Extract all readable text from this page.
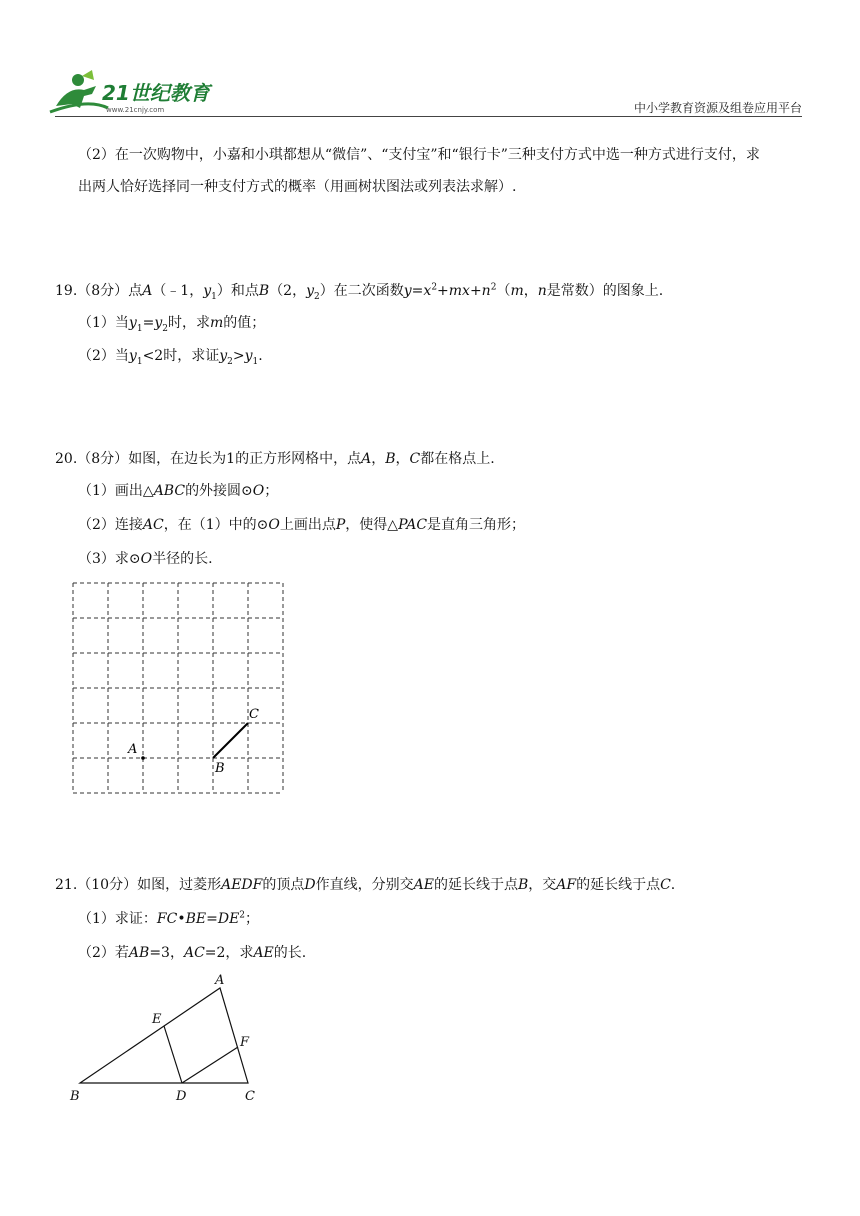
21世纪教育
www.21cnjy.com	中小学教育资源及组卷应用平台
（2）在一次购物中，小嘉和小琪都想从“微信”、“支付宝”和“银行卡”三种支付方式中选一种方式进行支付，求
出两人恰好选择同一种支付方式的概率（用画树状图法或列表法求解）.
19.（8分）点A（﹣1，$y_1$）和点B（2，$y_2$）在二次函数$y=x^2+mx+n^2(m$，n是常数）的图象上.
（1）当$y_1=y_2$时，求m的值；
（2）当$y_1<2$时，求证$y_2>y_1$.
20.（8分）如图，在边长为1的正方形网格中，点A，B，C都在格点上.
（1）画出△ABC的外接圆⊙O；
（2）连接AC，在（1）中的⊙O上画出点P，使得△PAC是直角三角形；
（3）求⊙O半径的长.
A
B
C
21.（10分）如图，过菱形AEDF的顶点D作直线，分别交AE的延长线于点B，交AF的延长线于点C.
（1）求证：$FC•BE=DE^2$；
（2）若AB=3，AC=2，求AE的长.
A
E
F
B	D	C
